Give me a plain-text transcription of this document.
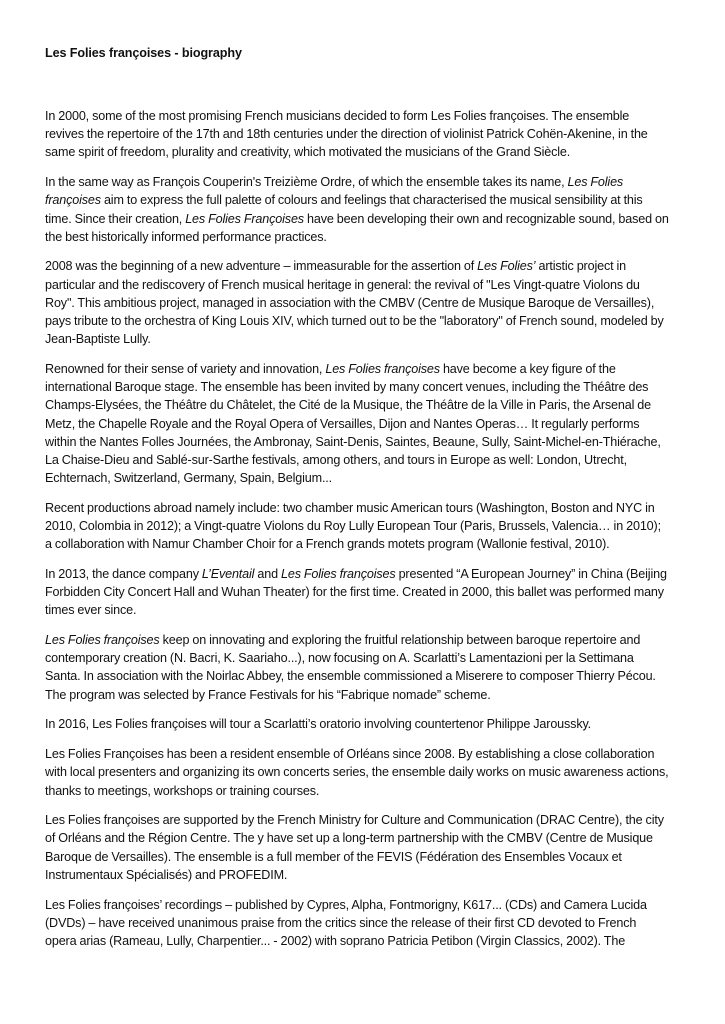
Les Folies françoises - biography

In 2000, some of the most promising French musicians decided to form Les Folies françoises. The ensemble revives the repertoire of the 17th and 18th centuries under the direction of violinist Patrick Cohën-Akenine, in the same spirit of freedom, plurality and creativity, which motivated the musicians of the Grand Siècle.

In the same way as François Couperin's Treizième Ordre, of which the ensemble takes its name, Les Folies françoises aim to express the full palette of colours and feelings that characterised the musical sensibility at this time. Since their creation, Les Folies Françoises have been developing their own and recognizable sound, based on the best historically informed performance practices.

2008 was the beginning of a new adventure – immeasurable for the assertion of Les Folies’ artistic project in particular and the rediscovery of French musical heritage in general: the revival of "Les Vingt-quatre Violons du Roy". This ambitious project, managed in association with the CMBV (Centre de Musique Baroque de Versailles), pays tribute to the orchestra of King Louis XIV, which turned out to be the "laboratory" of French sound, modeled by Jean-Baptiste Lully.

Renowned for their sense of variety and innovation, Les Folies françoises have become a key figure of the international Baroque stage. The ensemble has been invited by many concert venues, including the Théâtre des Champs-Elysées, the Théâtre du Châtelet, the Cité de la Musique, the Théâtre de la Ville in Paris, the Arsenal de Metz, the Chapelle Royale and the Royal Opera of Versailles, Dijon and Nantes Operas… It regularly performs within the Nantes Folles Journées, the Ambronay, Saint-Denis, Saintes, Beaune, Sully, Saint-Michel-en-Thiérache, La Chaise-Dieu and Sablé-sur-Sarthe festivals, among others, and tours in Europe as well: London, Utrecht, Echternach, Switzerland, Germany, Spain, Belgium...

Recent productions abroad namely include: two chamber music American tours (Washington, Boston and NYC in 2010, Colombia in 2012); a Vingt-quatre Violons du Roy Lully European Tour (Paris, Brussels, Valencia… in 2010); a collaboration with Namur Chamber Choir for a French grands motets program (Wallonie festival, 2010).

In 2013, the dance company L’Eventail and Les Folies françoises presented “A European Journey” in China (Beijing Forbidden City Concert Hall and Wuhan Theater) for the first time. Created in 2000, this ballet was performed many times ever since.

Les Folies françoises keep on innovating and exploring the fruitful relationship between baroque repertoire and contemporary creation (N. Bacri, K. Saariaho...), now focusing on A. Scarlatti’s Lamentazioni per la Settimana Santa. In association with the Noirlac Abbey, the ensemble commissioned a Miserere to composer Thierry Pécou. The program was selected by France Festivals for his “Fabrique nomade” scheme.

In 2016, Les Folies françoises will tour a Scarlatti’s oratorio involving countertenor Philippe Jaroussky.

Les Folies Françoises has been a resident ensemble of Orléans since 2008. By establishing a close collaboration with local presenters and organizing its own concerts series, the ensemble daily works on music awareness actions, thanks to meetings, workshops or training courses.

Les Folies françoises are supported by the French Ministry for Culture and Communication (DRAC Centre), the city of Orléans and the Région Centre. The y have set up a long-term partnership with the CMBV (Centre de Musique Baroque de Versailles). The ensemble is a full member of the FEVIS (Fédération des Ensembles Vocaux et Instrumentaux Spécialisés) and PROFEDIM.

Les Folies françoises’ recordings – published by Cypres, Alpha, Fontmorigny, K617... (CDs) and Camera Lucida (DVDs) – have received unanimous praise from the critics since the release of their first CD devoted to French opera arias (Rameau, Lully, Charpentier... - 2002) with soprano Patricia Petibon (Virgin Classics, 2002). The
